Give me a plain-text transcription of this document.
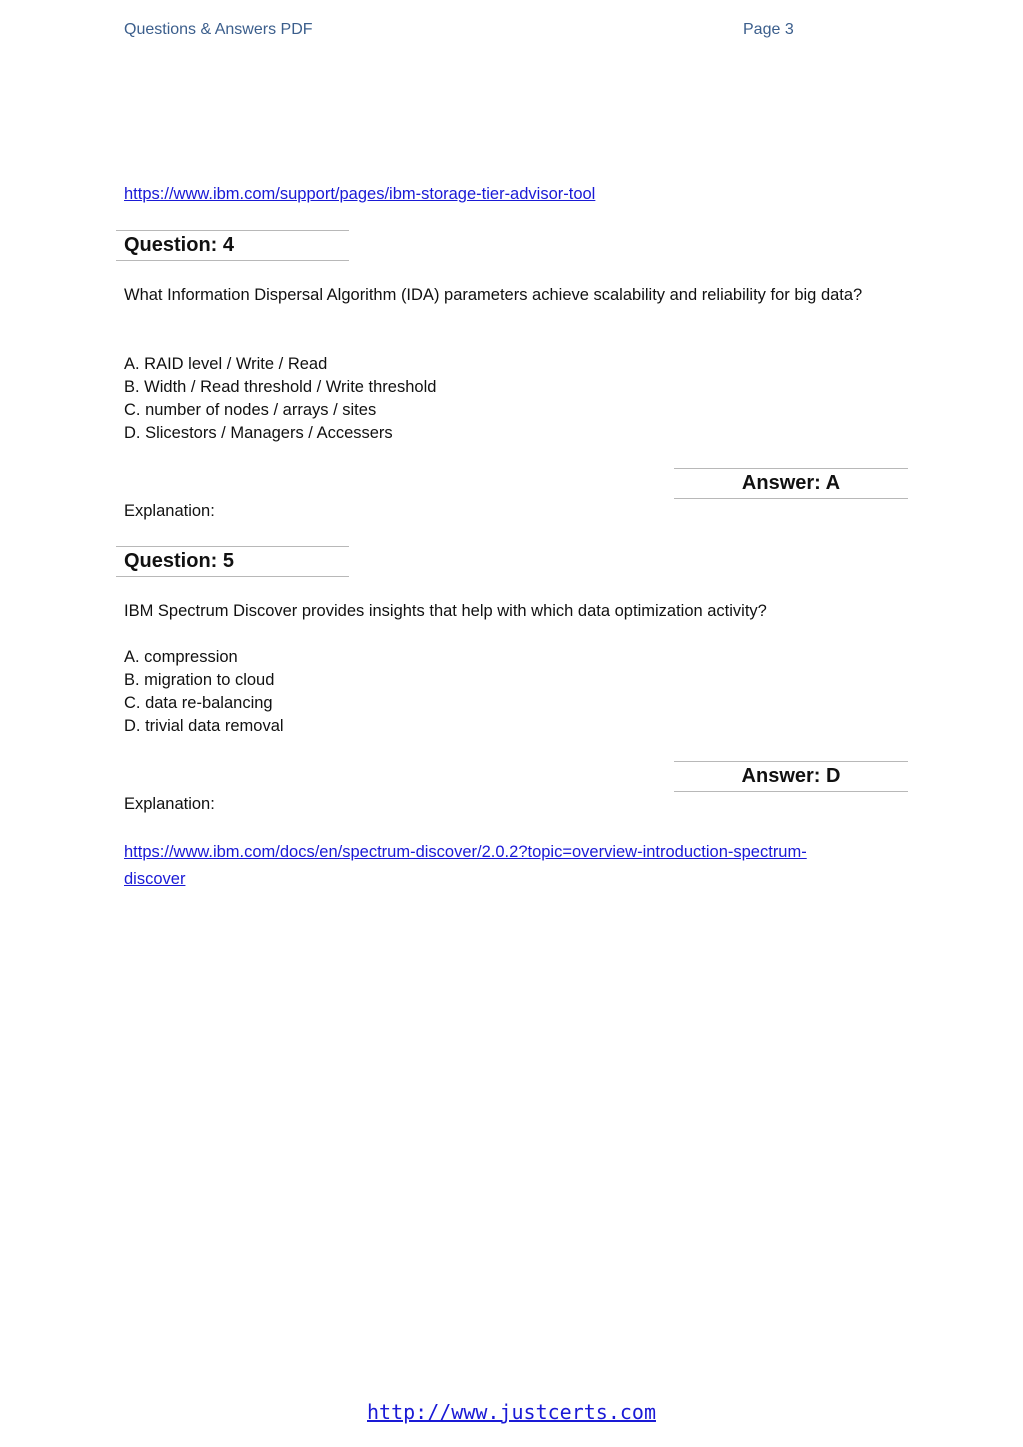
Questions & Answers PDF	Page 3
https://www.ibm.com/support/pages/ibm-storage-tier-advisor-tool
Question: 4
What Information Dispersal Algorithm (IDA) parameters achieve scalability and reliability for big data?
A. RAID level / Write / Read
B. Width / Read threshold / Write threshold
C. number of nodes / arrays / sites
D. Slicestors / Managers / Accessers
Answer: A
Explanation:
Question: 5
IBM Spectrum Discover provides insights that help with which data optimization activity?
A. compression
B. migration to cloud
C. data re-balancing
D. trivial data removal
Answer: D
Explanation:
https://www.ibm.com/docs/en/spectrum-discover/2.0.2?topic=overview-introduction-spectrum-
discover
http://www.justcerts.com
